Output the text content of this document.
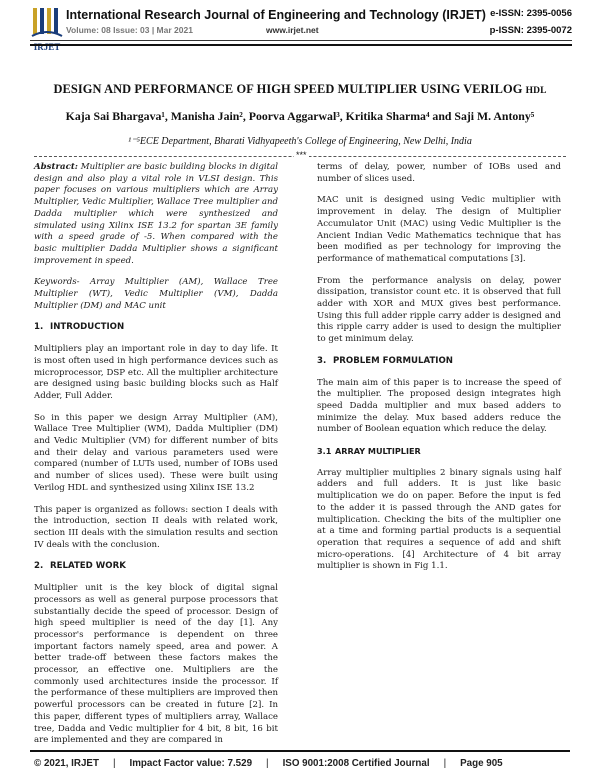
IRJET
International Research Journal of Engineering and Technology (IRJET)
Volume: 08 Issue: 03 | Mar 2021	www.irjet.net
e-ISSN: 2395-0056
p-ISSN: 2395-0072
DESIGN AND PERFORMANCE OF HIGH SPEED MULTIPLIER USING VERILOG HDL
Kaja Sai Bhargava¹, Manisha Jain², Poorva Aggarwal³, Kritika Sharma⁴ and Saji M. Antony⁵
¹⁻⁵ECE Department, Bharati Vidhyapeeth's College of Engineering, New Delhi, India
***

Abstract: Multiplier are basic building blocks in digital design and also play a vital role in VLSI design. This paper focuses on various multipliers which are Array Multiplier, Vedic Multiplier, Wallace Tree multiplier and Dadda multiplier which were synthesized and simulated using Xilinx ISE 13.2 for spartan 3E family with a speed grade of -5. When compared with the basic multiplier Dadda Multiplier shows a significant improvement in speed.

Keywords- Array Multiplier (AM), Wallace Tree Multiplier (WT), Vedic Multiplier (VM), Dadda Multiplier (DM) and MAC unit

1. INTRODUCTION

Multipliers play an important role in day to day life. It is most often used in high performance devices such as microprocessor, DSP etc. All the multiplier architecture are designed using basic building blocks such as Half Adder, Full Adder.

So in this paper we design Array Multiplier (AM), Wallace Tree Multiplier (WM), Dadda Multiplier (DM) and Vedic Multiplier (VM) for different number of bits and their delay and various parameters used were compared (number of LUTs used, number of IOBs used and number of slices used). These were built using Verilog HDL and synthesized using Xilinx ISE 13.2

This paper is organized as follows: section I deals with the introduction, section II deals with related work, section III deals with the simulation results and section IV deals with the conclusion.

2. RELATED WORK

Multiplier unit is the key block of digital signal processors as well as general purpose processors that substantially decide the speed of processor. Design of high speed multiplier is need of the day [1]. Any processor's performance is dependent on three important factors namely speed, area and power. A better trade-off between these factors makes the processor, an effective one. Multipliers are the commonly used architectures inside the processor. If the performance of these multipliers are improved then powerful processors can be created in future [2]. In this paper, different types of multipliers array, Wallace tree, Dadda and Vedic multiplier for 4 bit, 8 bit, 16 bit are implemented and they are compared in

terms of delay, power, number of IOBs used and number of slices used.

MAC unit is designed using Vedic multiplier with improvement in delay. The design of Multiplier Accumulator Unit (MAC) using Vedic Multiplier is the Ancient Indian Vedic Mathematics technique that has been modified as per technology for improving the performance of mathematical computations [3].

From the performance analysis on delay, power dissipation, transistor count etc. it is observed that full adder with XOR and MUX gives best performance. Using this full adder ripple carry adder is designed and this ripple carry adder is used to design the multiplier to get minimum delay.

3. PROBLEM FORMULATION

The main aim of this paper is to increase the speed of the multiplier. The proposed design integrates high speed Dadda multiplier and mux based adders to minimize the delay. Mux based adders reduce the number of Boolean equation which reduce the delay.

3.1 ARRAY MULTIPLIER

Array multiplier multiplies 2 binary signals using half adders and full adders. It is just like basic multiplication we do on paper. Before the input is fed to the adder it is passed through the AND gates for multiplication. Checking the bits of the multiplier one at a time and forming partial products is a sequential operation that requires a sequence of add and shift micro-operations. [4] Architecture of 4 bit array multiplier is shown in Fig 1.1.

© 2021, IRJET | Impact Factor value: 7.529 | ISO 9001:2008 Certified Journal | Page 905
